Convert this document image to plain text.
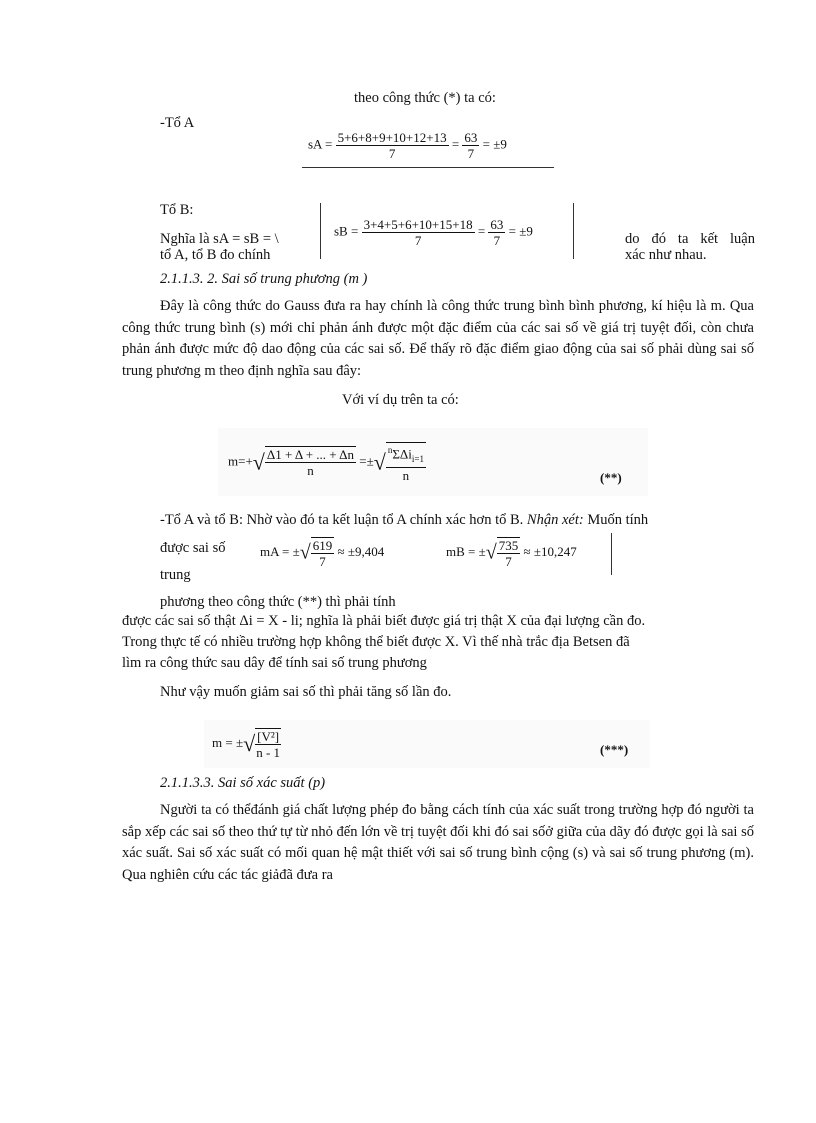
theo công thức (*) ta có:
-Tổ A
sA = $\frac{5+6+8+9+10+12+13}{7} = \frac{63}{7} = \pm 9$
Tổ B:
sB = $\frac{3+4+5+6+10+15+18}{7} = \frac{63}{7} = \pm 9$
Nghĩa là sA = sB = \
tổ A, tổ B đo chính
do đó ta kết luận
xác như nhau.
2.1.1.3. 2. Sai số trung phương (m )
Đây là công thức do Gauss đưa ra hay chính là công thức trung bình bình phương, kí hiệu là m. Qua công thức trung bình (s) mới chỉ phản ánh được một đặc điểm của các sai số về giá trị tuyệt đối, còn chưa phản ánh được mức độ dao động của các sai số. Để thấy rõ đặc điểm giao động của sai số phải dùng sai số trung phương m theo định nghĩa sau đây:
Với ví dụ trên ta có:
$m=+√ \frac{\Delta 1 + \Delta + ... + \Delta n}{n}$ =±√ $\frac{^n\Sigma\Delta i_{i=1}}{n}$	(**)
-Tổ A và tổ B: Nhờ vào đó ta kết luận tổ A chính xác hơn tổ B. Nhận xét: Muốn tính
được sai số
trung
mA = ±√ $\frac{619}{7} \approx \pm 9,404$	mB = ±√ $\frac{735}{7} \approx \pm 10,247$
phương theo công thức (**) thì phải tính
được các sai số thật Δi = X - li; nghĩa là phải biết được giá trị thật X của đại lượng cần đo.
Trong thực tế có nhiều trường hợp không thể biết được X. Vì thế nhà trắc địa Betsen đã
lìm ra công thức sau dây để tính sai số trung phương
Như vậy muốn giảm sai số thì phải tăng số lần đo.
m = ±√ $\frac{\text{[V²]}}{n - 1}$	(***)
2.1.1.3.3. Sai số xác suất (p)
Người ta có thểđánh giá chất lượng phép đo bằng cách tính của xác suất trong trường hợp đó người ta sắp xếp các sai số theo thứ tự từ nhỏ đến lớn về trị tuyệt đối khi đó sai sốở giữa của dãy đó được gọi là sai số xác suất. Sai số xác suất có mối quan hệ mật thiết với sai số trung bình cộng (s) và sai số trung phương (m). Qua nghiên cứu các tác giảđã đưa ra
